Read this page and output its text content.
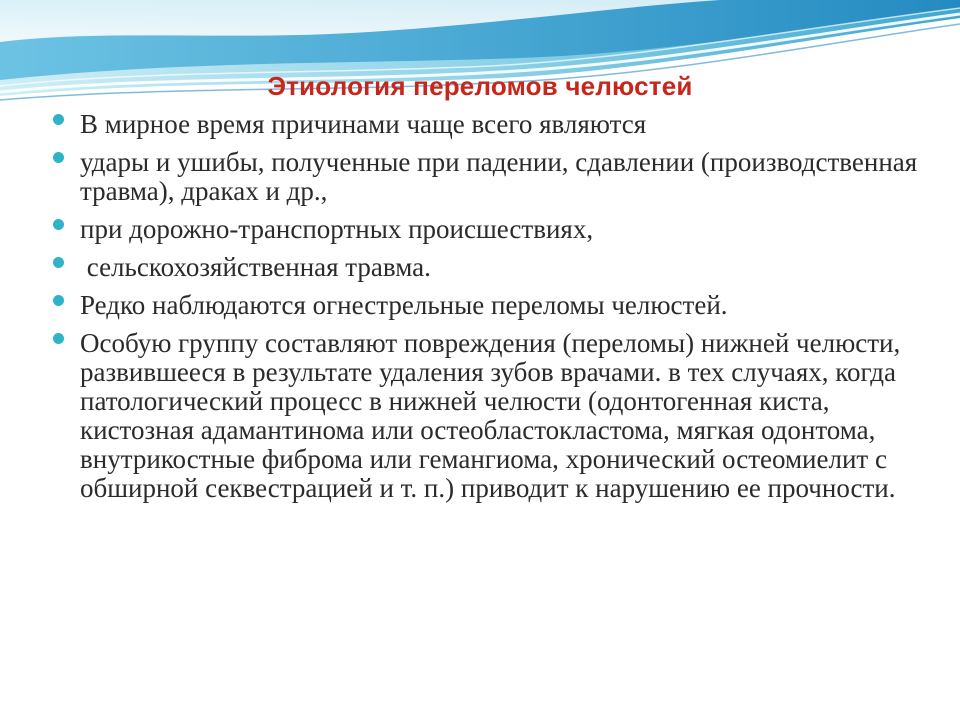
Этиология переломов челюстей
В мирное время причинами чаще всего являются
удары и ушибы, полученные при падении, сдавлении (производственная травма), драках и др.,
при дорожно-транспортных происшествиях,
сельскохозяйственная травма.
Редко наблюдаются огнестрельные переломы челюстей.
Особую группу составляют повреждения (переломы) нижней челюсти, развившееся в результате удаления зубов врачами. в тех случаях, когда патологический процесс в нижней челюсти (одонтогенная киста, кистозная адамантинома или остеобластокластома, мягкая одонтома, внутрикостные фиброма или гемангиома, хронический остеомиелит с обширной секвестрацией и т. п.) приводит к нарушению ее прочности.
